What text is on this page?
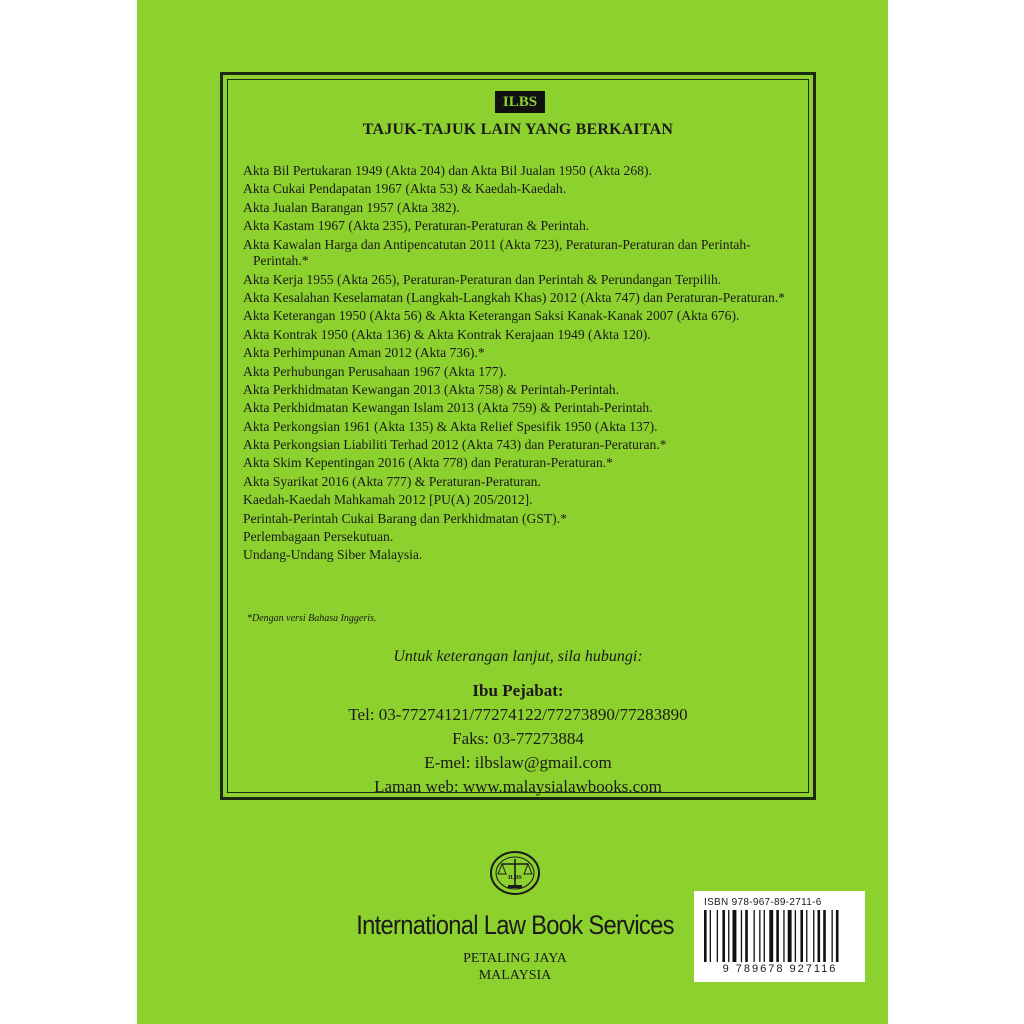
ILBS
TAJUK-TAJUK LAIN YANG BERKAITAN
Akta Bil Pertukaran 1949 (Akta 204) dan Akta Bil Jualan 1950 (Akta 268).
Akta Cukai Pendapatan 1967 (Akta 53) & Kaedah-Kaedah.
Akta Jualan Barangan 1957 (Akta 382).
Akta Kastam 1967 (Akta 235), Peraturan-Peraturan & Perintah.
Akta Kawalan Harga dan Antipencatutan 2011 (Akta 723), Peraturan-Peraturan dan Perintah-Perintah.*
Akta Kerja 1955 (Akta 265), Peraturan-Peraturan dan Perintah & Perundangan Terpilih.
Akta Kesalahan Keselamatan (Langkah-Langkah Khas) 2012 (Akta 747) dan Peraturan-Peraturan.*
Akta Keterangan 1950 (Akta 56) & Akta Keterangan Saksi Kanak-Kanak 2007 (Akta 676).
Akta Kontrak 1950 (Akta 136) & Akta Kontrak Kerajaan 1949 (Akta 120).
Akta Perhimpunan Aman 2012 (Akta 736).*
Akta Perhubungan Perusahaan 1967 (Akta 177).
Akta Perkhidmatan Kewangan 2013 (Akta 758) & Perintah-Perintah.
Akta Perkhidmatan Kewangan Islam 2013 (Akta 759) & Perintah-Perintah.
Akta Perkongsian 1961 (Akta 135) & Akta Relief Spesifik 1950 (Akta 137).
Akta Perkongsian Liabiliti Terhad 2012 (Akta 743) dan Peraturan-Peraturan.*
Akta Skim Kepentingan 2016 (Akta 778) dan Peraturan-Peraturan.*
Akta Syarikat 2016 (Akta 777) & Peraturan-Peraturan.
Kaedah-Kaedah Mahkamah 2012 [PU(A) 205/2012].
Perintah-Perintah Cukai Barang dan Perkhidmatan (GST).*
Perlembagaan Persekutuan.
Undang-Undang Siber Malaysia.
*Dengan versi Bahasa Inggeris.
Untuk keterangan lanjut, sila hubungi:
Ibu Pejabat:
Tel: 03-77274121/77274122/77273890/77283890
Faks: 03-77273884
E-mel: ilbslaw@gmail.com
Laman web: www.malaysialawbooks.com
ILBS
International Law Book Services
PETALING JAYA
MALAYSIA
ISBN 978-967-89-2711-6
9 789678 927116
